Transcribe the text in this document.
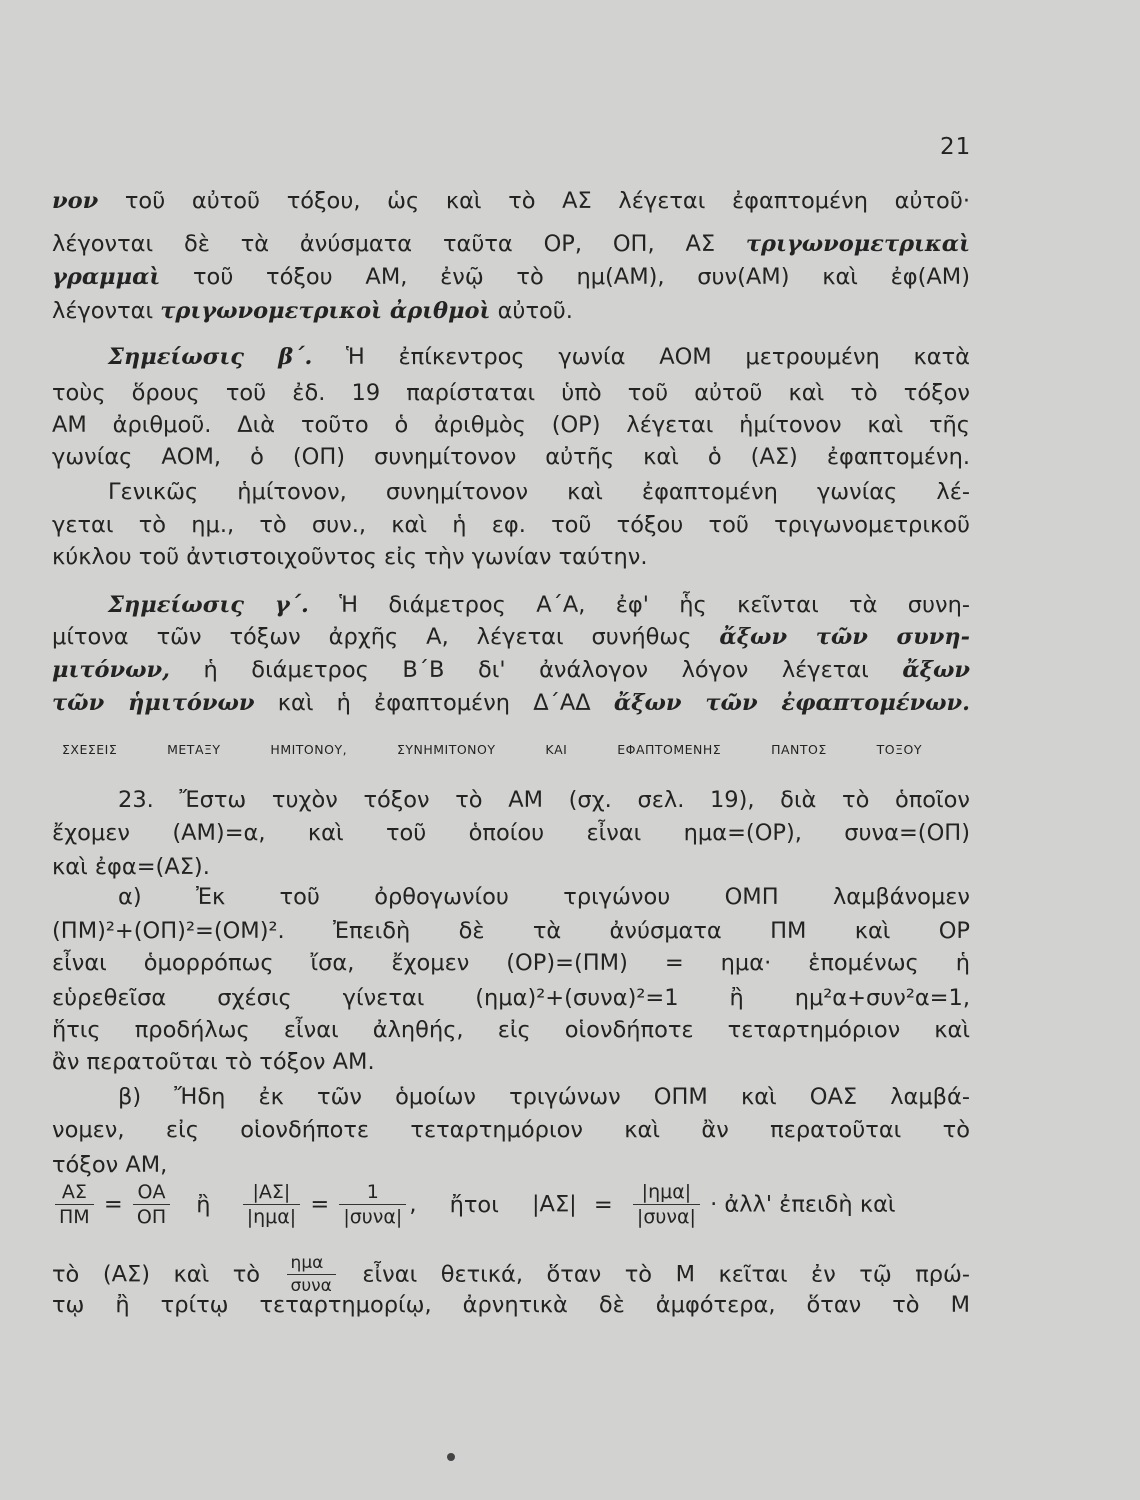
21
νον τοῦ αὐτοῦ τόξου, ὡς καὶ τὸ ΑΣ λέγεται ἐφαπτομένη αὐτοῦ·
λέγονται δὲ τὰ ἀνύσματα ταῦτα ΟΡ, ΟΠ, ΑΣ τριγωνομετρικαὶ
γραμμαὶ τοῦ τόξου ΑΜ, ἐνῷ τὸ ημ(ΑΜ), συν(ΑΜ) καὶ ἐφ(ΑΜ)
λέγονται τριγωνομετρικοὶ ἀριθμοὶ αὐτοῦ.
Σημείωσις β΄. Ἡ ἐπίκεντρος γωνία ΑΟΜ μετρουμένη κατὰ
τοὺς ὅρους τοῦ ἐδ. 19 παρίσταται ὑπὸ τοῦ αὐτοῦ καὶ τὸ τόξον
ΑΜ ἀριθμοῦ. Διὰ τοῦτο ὁ ἀριθμὸς (ΟΡ) λέγεται ἡμίτονον καὶ τῆς
γωνίας ΑΟΜ, ὁ (ΟΠ) συνημίτονον αὐτῆς καὶ ὁ (ΑΣ) ἐφαπτομένη.
Γενικῶς ἡμίτονον, συνημίτονον καὶ ἐφαπτομένη γωνίας λέ-
γεται τὸ ημ., τὸ συν., καὶ ἡ εφ. τοῦ τόξου τοῦ τριγωνομετρικοῦ
κύκλου τοῦ ἀντιστοιχοῦντος εἰς τὴν γωνίαν ταύτην.
Σημείωσις γ΄. Ἡ διάμετρος Α΄Α, ἐφ' ἧς κεῖνται τὰ συνη-
μίτονα τῶν τόξων ἀρχῆς Α, λέγεται συνήθως ἄξων τῶν συνη-
μιτόνων, ἡ διάμετρος Β΄Β δι' ἀνάλογον λόγον λέγεται ἄξων
τῶν ἡμιτόνων καὶ ἡ ἐφαπτομένη Δ΄ΑΔ ἄξων τῶν ἐφαπτομένων.
23. Ἔστω τυχὸν τόξον τὸ ΑΜ (σχ. σελ. 19), διὰ τὸ ὁποῖον
ἔχομεν (ΑΜ)=α, καὶ τοῦ ὁποίου εἶναι ημα=(ΟΡ), συνα=(ΟΠ)
καὶ ἐφα=(ΑΣ).
α) Ἐκ τοῦ ὀρθογωνίου τριγώνου ΟΜΠ λαμβάνομεν
(ΠΜ)²+(ΟΠ)²=(ΟΜ)². Ἐπειδὴ δὲ τὰ ἀνύσματα ΠΜ καὶ ΟΡ
εἶναι ὁμορρόπως ἴσα, ἔχομεν (ΟΡ)=(ΠΜ) = ημα· ἑπομένως ἡ
εὑρεθεῖσα σχέσις γίνεται (ημα)²+(συνα)²=1 ἢ ημ²α+συν²α=1,
ἥτις προδήλως εἶναι ἀληθής, εἰς οἱονδήποτε τεταρτημόριον καὶ
ἂν περατοῦται τὸ τόξον ΑΜ.
β) Ἤδη ἐκ τῶν ὁμοίων τριγώνων ΟΠΜ καὶ ΟΑΣ λαμβά-
νομεν, εἰς οἱονδήποτε τεταρτημόριον καὶ ἂν περατοῦται τὸ
τόξον ΑΜ,
τὸ (ΑΣ) καὶ τὸ $\frac{\text{ημα}}{\text{συνα}}$ εἶναι θετικά, ὅταν τὸ Μ κεῖται ἐν τῷ πρώ-
τῳ ἢ τρίτῳ τεταρτημορίῳ, ἀρνητικὰ δὲ ἀμφότερα, ὅταν τὸ Μ
ΣΧΕΣΕΙΣ ΜΕΤΑΞΥ ΗΜΙΤΟΝΟΥ, ΣΥΝΗΜΙΤΟΝΟΥ ΚΑΙ ΕΦΑΠΤΟΜΕΝΗΣ ΠΑΝΤΟΣ ΤΟΞΟΥ
$\frac{A\Sigma}{\Pi M} = \frac{OA}{O\Pi}$ ἢ $\frac{|A\Sigma|}{\text{|ημα|}} = \frac{1}{\text{|συνα|}}$ , ἤτοι $|A\Sigma| = \frac{\text{|ημα|}}{\text{|συνα|}}$ · ἀλλ' ἐπειδὴ καὶ
